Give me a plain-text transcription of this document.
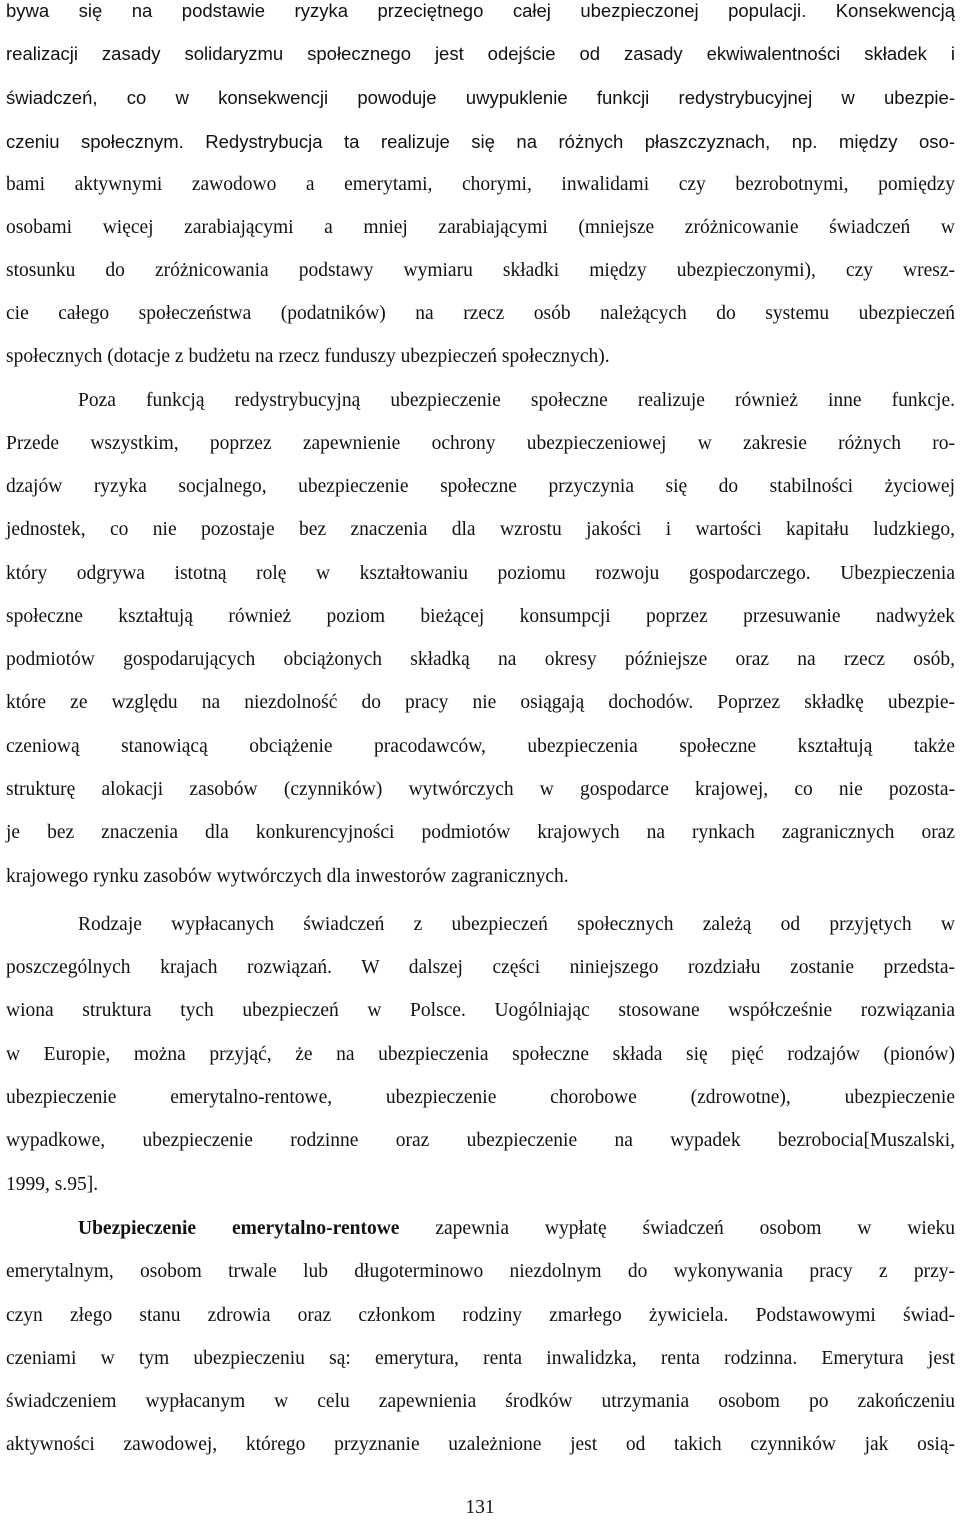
bywa się na podstawie ryzyka przeciętnego całej ubezpieczonej populacji. Konsekwencją
realizacji zasady solidaryzmu społecznego jest odejście od zasady ekwiwalentności składek i
świadczeń, co w konsekwencji powoduje uwypuklenie funkcji redystrybucyjnej w ubezpie-
czeniu społecznym. Redystrybucja ta realizuje się na różnych płaszczyznach, np. między oso-
bami aktywnymi zawodowo a emerytami, chorymi, inwalidami czy bezrobotnymi, pomiędzy
osobami więcej zarabiającymi a mniej zarabiającymi (mniejsze zróżnicowanie świadczeń w
stosunku do zróżnicowania podstawy wymiaru składki między ubezpieczonymi), czy wresz-
cie całego społeczeństwa (podatników) na rzecz osób należących do systemu ubezpieczeń
społecznych (dotacje z budżetu na rzecz funduszy ubezpieczeń społecznych).
Poza funkcją redystrybucyjną ubezpieczenie społeczne realizuje również inne funkcje.
Przede wszystkim, poprzez zapewnienie ochrony ubezpieczeniowej w zakresie różnych ro-
dzajów ryzyka socjalnego, ubezpieczenie społeczne przyczynia się do stabilności życiowej
jednostek, co nie pozostaje bez znaczenia dla wzrostu jakości i wartości kapitału ludzkiego,
który odgrywa istotną rolę w kształtowaniu poziomu rozwoju gospodarczego. Ubezpieczenia
społeczne kształtują również poziom bieżącej konsumpcji poprzez przesuwanie nadwyżek
podmiotów gospodarujących obciążonych składką na okresy późniejsze oraz na rzecz osób,
które ze względu na niezdolność do pracy nie osiągają dochodów. Poprzez składkę ubezpie-
czeniową stanowiącą obciążenie pracodawców, ubezpieczenia społeczne kształtują także
strukturę alokacji zasobów (czynników) wytwórczych w gospodarce krajowej, co nie pozosta-
je bez znaczenia dla konkurencyjności podmiotów krajowych na rynkach zagranicznych oraz
krajowego rynku zasobów wytwórczych dla inwestorów zagranicznych.
Rodzaje wypłacanych świadczeń z ubezpieczeń społecznych zależą od przyjętych w
poszczególnych krajach rozwiązań. W dalszej części niniejszego rozdziału zostanie przedsta-
wiona struktura tych ubezpieczeń w Polsce. Uogólniając stosowane współcześnie rozwiązania
w Europie, można przyjąć, że na ubezpieczenia społeczne składa się pięć rodzajów (pionów)
ubezpieczenie emerytalno-rentowe, ubezpieczenie chorobowe (zdrowotne), ubezpieczenie
wypadkowe, ubezpieczenie rodzinne oraz ubezpieczenie na wypadek bezrobocia[Muszalski,
1999, s.95].
Ubezpieczenie emerytalno-rentowe zapewnia wypłatę świadczeń osobom w wieku
emerytalnym, osobom trwale lub długoterminowo niezdolnym do wykonywania pracy z przy-
czyn złego stanu zdrowia oraz członkom rodziny zmarłego żywiciela. Podstawowymi świad-
czeniami w tym ubezpieczeniu są: emerytura, renta inwalidzka, renta rodzinna. Emerytura jest
świadczeniem wypłacanym w celu zapewnienia środków utrzymania osobom po zakończeniu
aktywności zawodowej, którego przyznanie uzależnione jest od takich czynników jak osią-
131
